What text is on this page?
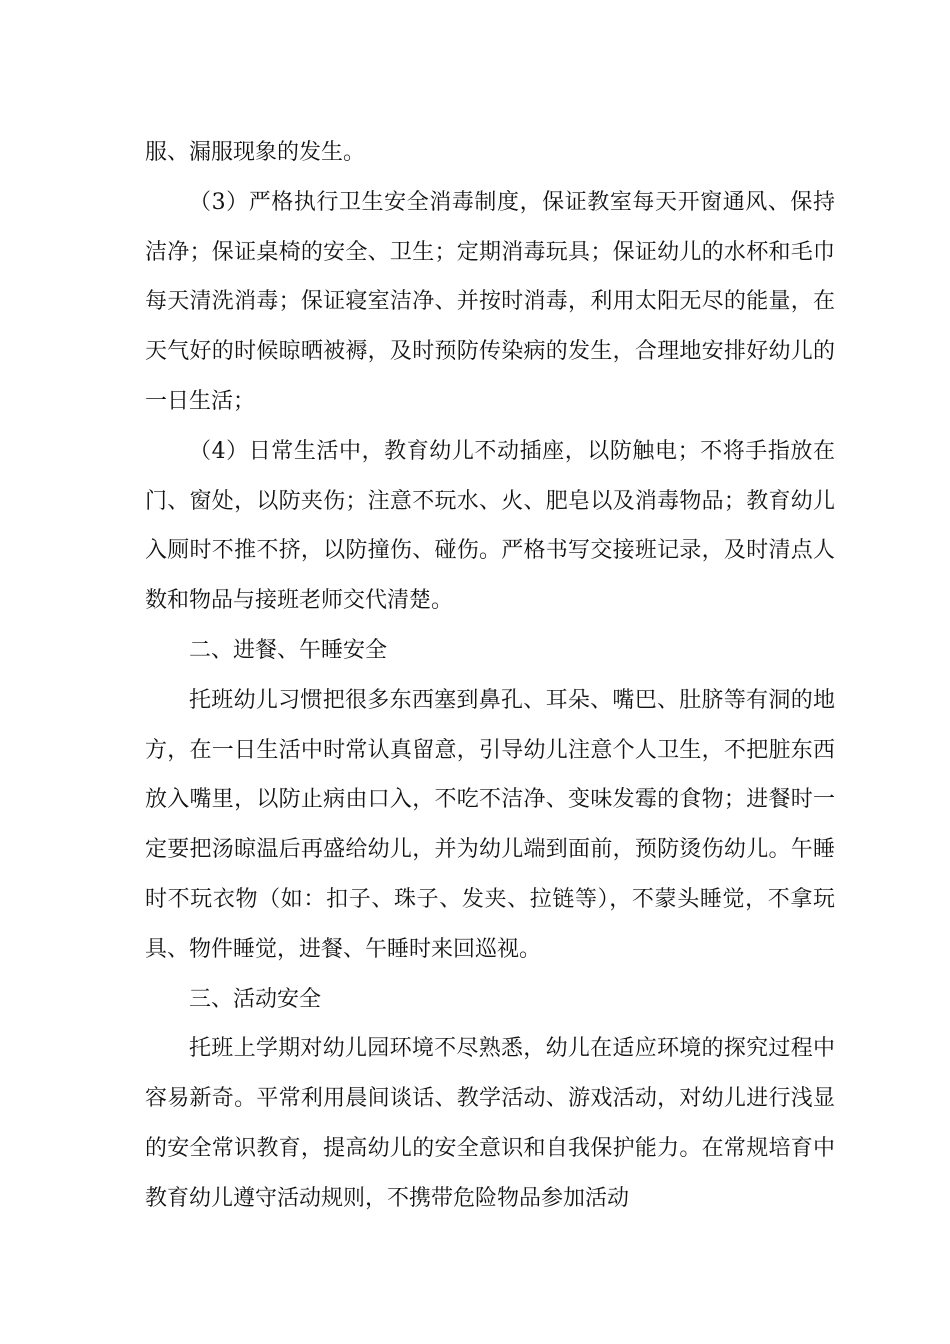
服、漏服现象的发生。

（3）严格执行卫生安全消毒制度，保证教室每天开窗通风、保持洁净；保证桌椅的安全、卫生；定期消毒玩具；保证幼儿的水杯和毛巾每天清洗消毒；保证寝室洁净、并按时消毒，利用太阳无尽的能量，在天气好的时候晾晒被褥，及时预防传染病的发生，合理地安排好幼儿的一日生活；

（4）日常生活中，教育幼儿不动插座，以防触电；不将手指放在门、窗处，以防夹伤；注意不玩水、火、肥皂以及消毒物品；教育幼儿入厕时不推不挤，以防撞伤、碰伤。严格书写交接班记录，及时清点人数和物品与接班老师交代清楚。

二、进餐、午睡安全

托班幼儿习惯把很多东西塞到鼻孔、耳朵、嘴巴、肚脐等有洞的地方，在一日生活中时常认真留意，引导幼儿注意个人卫生，不把脏东西放入嘴里，以防止病由口入，不吃不洁净、变味发霉的食物；进餐时一定要把汤晾温后再盛给幼儿，并为幼儿端到面前，预防烫伤幼儿。午睡时不玩衣物（如：扣子、珠子、发夹、拉链等），不蒙头睡觉，不拿玩具、物件睡觉，进餐、午睡时来回巡视。

三、活动安全

托班上学期对幼儿园环境不尽熟悉，幼儿在适应环境的探究过程中容易新奇。平常利用晨间谈话、教学活动、游戏活动，对幼儿进行浅显的安全常识教育，提高幼儿的安全意识和自我保护能力。在常规培育中教育幼儿遵守活动规则，不携带危险物品参加活动
